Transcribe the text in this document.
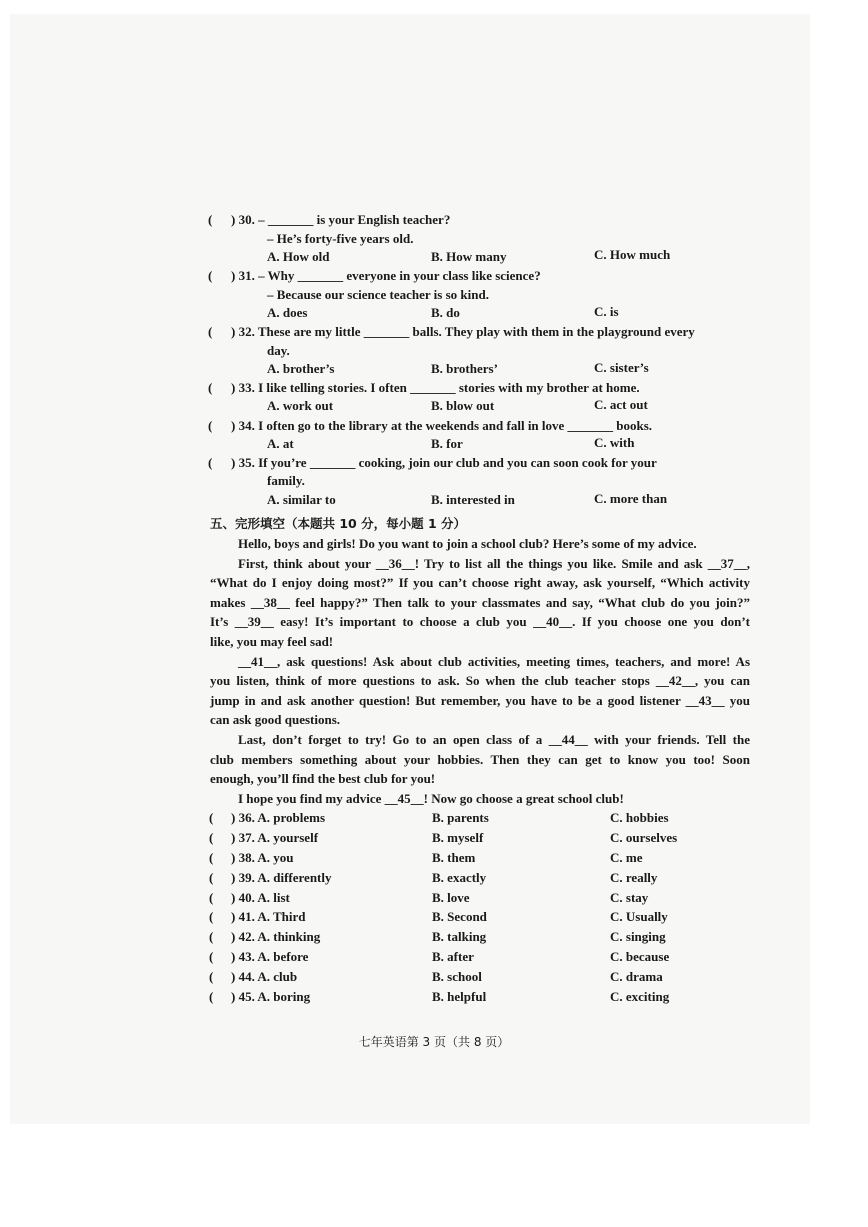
( ) 30. – _______ is your English teacher?
– He’s forty-five years old.
A. How old	B. How many	C. How much
( ) 31. – Why _______ everyone in your class like science?
– Because our science teacher is so kind.
A. does	B. do	C. is
( ) 32. These are my little _______ balls. They play with them in the playground every
day.
A. brother’s	B. brothers’	C. sister’s
( ) 33. I like telling stories. I often _______ stories with my brother at home.
A. work out	B. blow out	C. act out
( ) 34. I often go to the library at the weekends and fall in love _______ books.
A. at	B. for	C. with
( ) 35. If you’re _______ cooking, join our club and you can soon cook for your
family.
A. similar to	B. interested in	C. more than
五、完形填空（本题共 10 分，每小题 1 分）
Hello, boys and girls! Do you want to join a school club? Here’s some of my advice.
First, think about your __36__! Try to list all the things you like. Smile and ask __37__,
“What do I enjoy doing most?” If you can’t choose right away, ask yourself, “Which activity
makes __38__ feel happy?” Then talk to your classmates and say, “What club do you join?”
It’s __39__ easy! It’s important to choose a club you __40__. If you choose one you don’t
like, you may feel sad!
__41__, ask questions! Ask about club activities, meeting times, teachers, and more! As
you listen, think of more questions to ask. So when the club teacher stops __42__, you can
jump in and ask another question! But remember, you have to be a good listener __43__ you
can ask good questions.
Last, don’t forget to try! Go to an open class of a __44__ with your friends. Tell the
club members something about your hobbies. Then they can get to know you too! Soon
enough, you’ll find the best club for you!
I hope you find my advice __45__! Now go choose a great school club!
( ) 36. A. problems	B. parents	C. hobbies
( ) 37. A. yourself	B. myself	C. ourselves
( ) 38. A. you	B. them	C. me
( ) 39. A. differently	B. exactly	C. really
( ) 40. A. list	B. love	C. stay
( ) 41. A. Third	B. Second	C. Usually
( ) 42. A. thinking	B. talking	C. singing
( ) 43. A. before	B. after	C. because
( ) 44. A. club	B. school	C. drama
( ) 45. A. boring	B. helpful	C. exciting
七年英语第 3 页（共 8 页）
